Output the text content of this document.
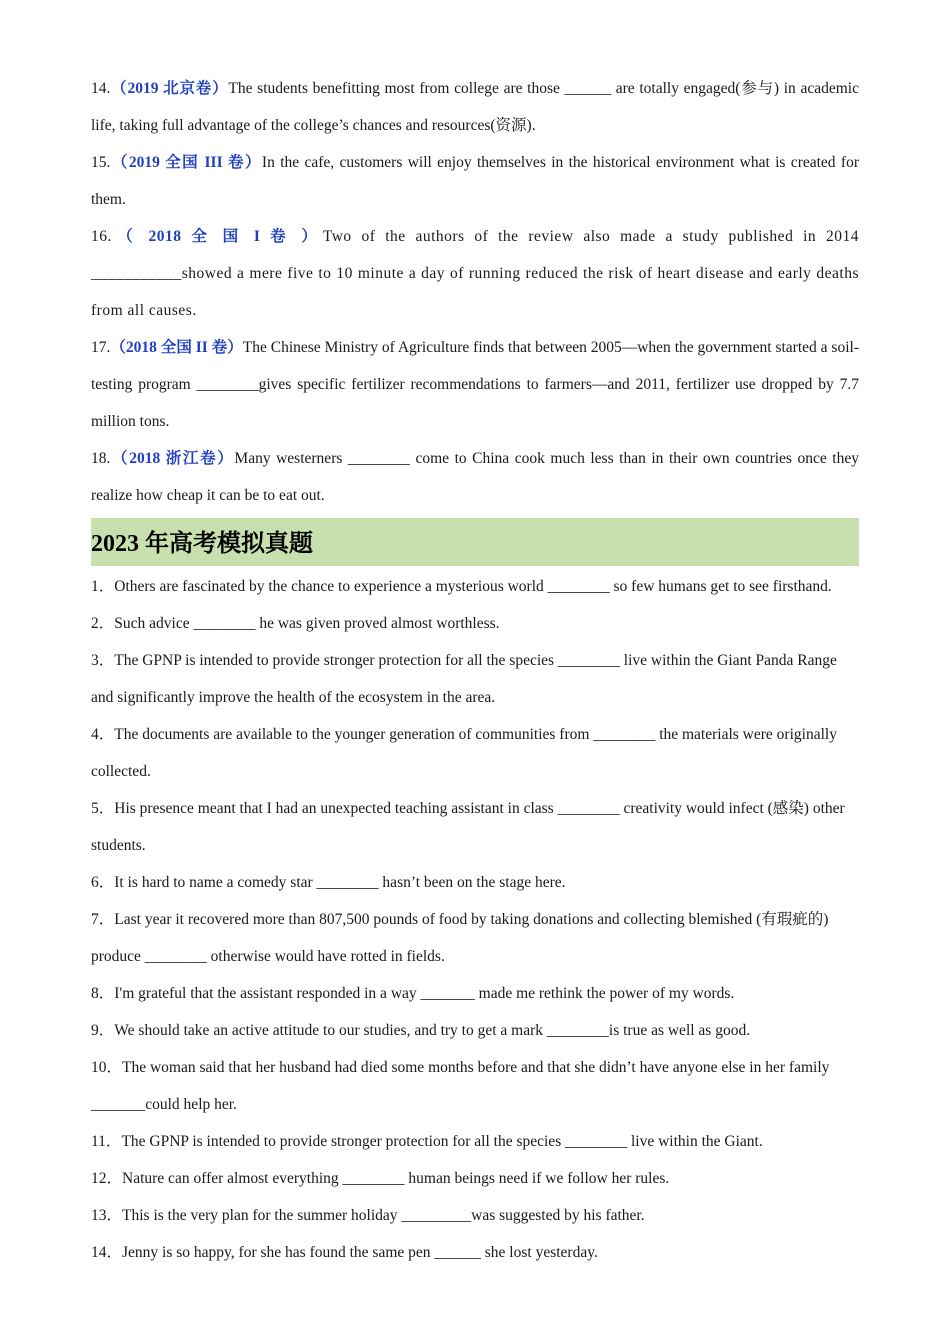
14.（2019 北京卷）The students benefitting most from college are those ______ are totally engaged(参与) in academic life, taking full advantage of the college’s chances and resources(资源).

15.（2019 全国 III 卷）In the cafe, customers will enjoy themselves in the historical environment what is created for them.

16.（ 2018 全 国 I 卷 ）Two of the authors of the review also made a study published in 2014 ___________showed a mere five to 10 minute a day of running reduced the risk of heart disease and early deaths from all causes.

17.（2018 全国 II 卷）The Chinese Ministry of Agriculture finds that between 2005—when the government started a soil-testing program ________gives specific fertilizer recommendations to farmers—and 2011, fertilizer use dropped by 7.7 million tons.

18.（2018 浙江卷）Many westerners ________ come to China cook much less than in their own countries once they realize how cheap it can be to eat out.

2023 年高考模拟真题

1．Others are fascinated by the chance to experience a mysterious world ________ so few humans get to see firsthand.

2．Such advice ________ he was given proved almost worthless.

3．The GPNP is intended to provide stronger protection for all the species ________ live within the Giant Panda Range and significantly improve the health of the ecosystem in the area.

4．The documents are available to the younger generation of communities from ________ the materials were originally collected.

5．His presence meant that I had an unexpected teaching assistant in class ________ creativity would infect (感染) other students.

6．It is hard to name a comedy star ________ hasn’t been on the stage here.

7．Last year it recovered more than 807,500 pounds of food by taking donations and collecting blemished (有瑕疵的) produce ________ otherwise would have rotted in fields.

8．I'm grateful that the assistant responded in a way _______ made me rethink the power of my words.

9．We should take an active attitude to our studies, and try to get a mark ________is true as well as good.

10．The woman said that her husband had died some months before and that she didn’t have anyone else in her family _______could help her.

11．The GPNP is intended to provide stronger protection for all the species ________ live within the Giant.

12．Nature can offer almost everything ________ human beings need if we follow her rules.

13．This is the very plan for the summer holiday _________was suggested by his father.

14．Jenny is so happy, for she has found the same pen ______ she lost yesterday.
